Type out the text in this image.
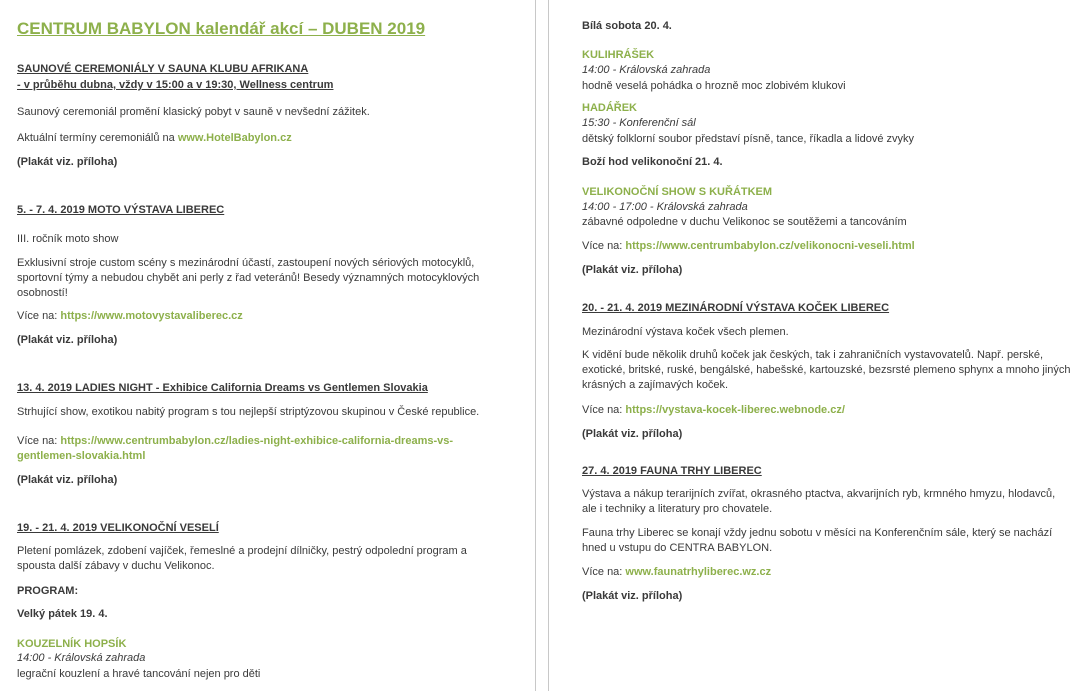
CENTRUM BABYLON kalendář akcí – DUBEN 2019
SAUNOVÉ CEREMONIÁLY V SAUNA KLUBU AFRIKANA
- v průběhu dubna, vždy v 15:00 a v 19:30, Wellness centrum
Saunový ceremoniál promění klasický pobyt v sauně v nevšední zážitek.
Aktuální termíny ceremoniálů na www.HotelBabylon.cz
(Plakát viz. příloha)
5. - 7. 4. 2019 MOTO VÝSTAVA LIBEREC
III. ročník moto show
Exklusivní stroje custom scény s mezinárodní účastí, zastoupení nových sériových motocyklů, sportovní týmy a nebudou chybět ani perly z řad veteránů! Besedy významných motocyklových osobností!
Více na: https://www.motovystavaliberec.cz
(Plakát viz. příloha)
13. 4. 2019 LADIES NIGHT - Exhibice California Dreams vs Gentlemen Slovakia
Strhující show, exotikou nabitý program s tou nejlepší striptýzovou skupinou v České republice.
Více na: https://www.centrumbabylon.cz/ladies-night-exhibice-california-dreams-vs-gentlemen-slovakia.html
(Plakát viz. příloha)
19. - 21. 4. 2019 VELIKONOČNÍ VESELÍ
Pletení pomlázek, zdobení vajíček, řemeslné a prodejní dílničky, pestrý odpolední program a spousta další zábavy v duchu Velikonoc.
PROGRAM:
Velký pátek 19. 4.
KOUZELNÍK HOPSÍK
14:00 - Královská zahrada
legrační kouzlení a hravé tancování nejen pro děti
Bílá sobota 20. 4.
KULIHRÁŠEK
14:00 - Královská zahrada
hodně veselá pohádka o hrozně moc zlobivém klukovi
HADÁŘEK
15:30 - Konferenční sál
dětský folklorní soubor představí písně, tance, říkadla a lidové zvyky
Boží hod velikonoční 21. 4.
VELIKONOČNÍ SHOW S KUŘÁTKEM
14:00 - 17:00 - Královská zahrada
zábavné odpoledne v duchu Velikonoc se soutěžemi a tancováním
Více na: https://www.centrumbabylon.cz/velikonocni-veseli.html
(Plakát viz. příloha)
20. - 21. 4. 2019 MEZINÁRODNÍ VÝSTAVA KOČEK LIBEREC
Mezinárodní výstava koček všech plemen.
K vidění bude několik druhů koček jak českých, tak i zahraničních vystavovatelů. Např. perské, exotické, britské, ruské, bengálské, habešské, kartouzské, bezsrsté plemeno sphynx a mnoho jiných krásných a zajímavých koček.
Více na: https://vystava-kocek-liberec.webnode.cz/
(Plakát viz. příloha)
27. 4. 2019 FAUNA TRHY LIBEREC
Výstava a nákup terarijních zvířat, okrasného ptactva, akvarijních ryb, krmného hmyzu, hlodavců, ale i techniky a literatury pro chovatele.
Fauna trhy Liberec se konají vždy jednu sobotu v měsíci na Konferenčním sále, který se nachází hned u vstupu do CENTRA BABYLON.
Více na: www.faunatrhyliberec.wz.cz
(Plakát viz. příloha)
